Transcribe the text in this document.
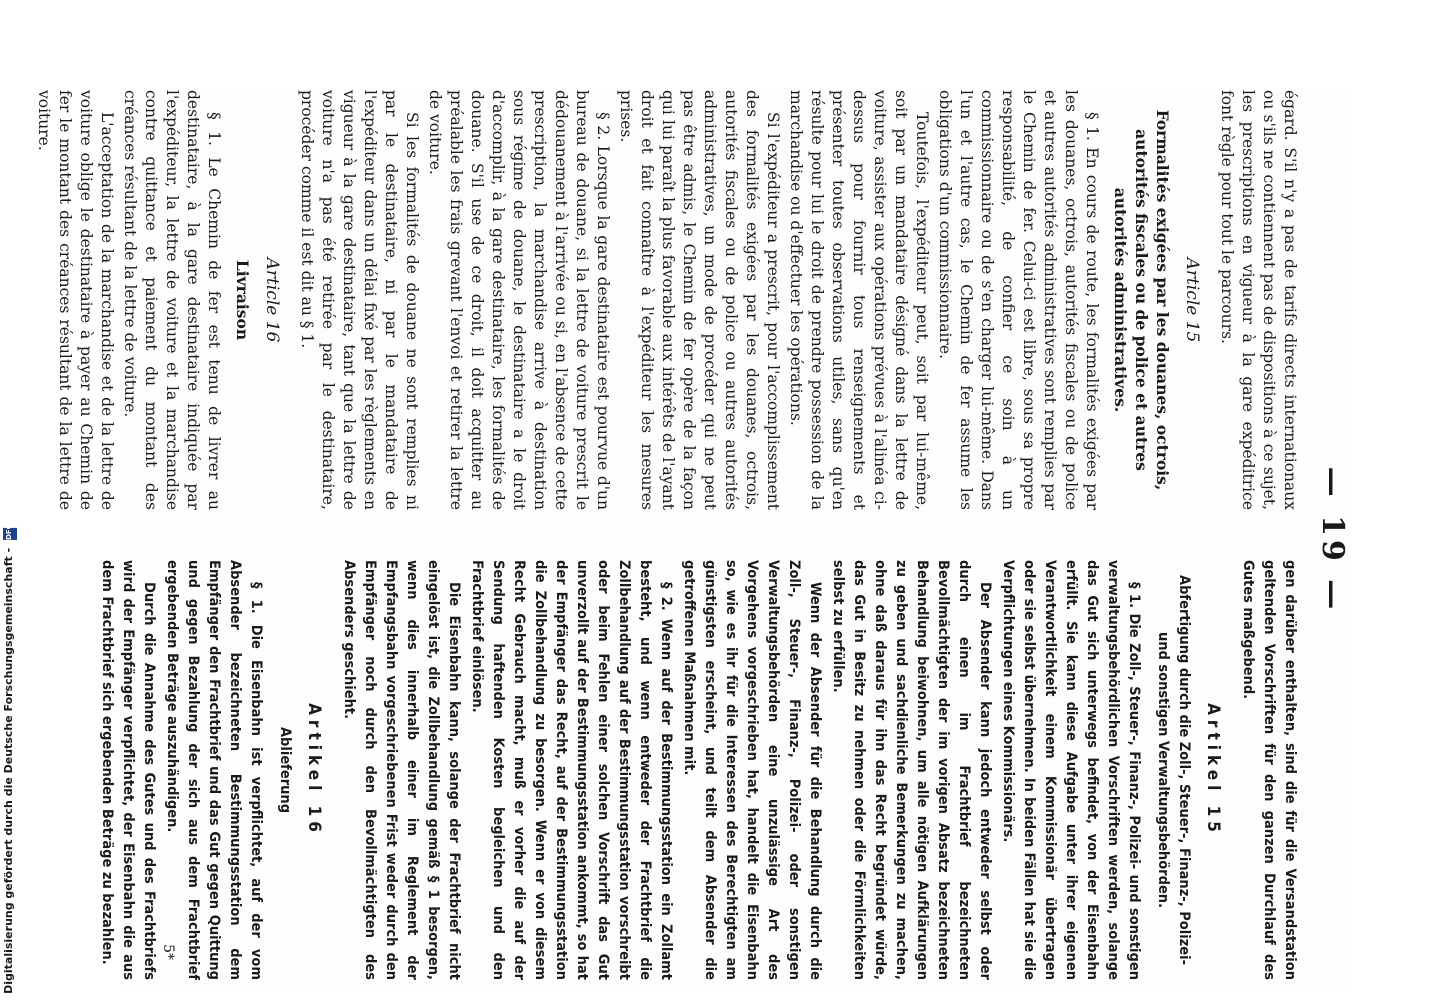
— 19 —

égard. S'il n'y a pas de tarifs directs internationaux ou s'ils ne contiennent pas de dispositions à ce sujet, les prescriptions en vigueur à la gare expéditrice font règle pour tout le parcours.

Article 15
Formalités exigées par les douanes, octrois, autorités fiscales ou de police et autres autorités administratives.

§ 1. En cours de route, les formalités exigées par les douanes, octrois, autorités fiscales ou de police et autres autorités administratives sont remplies par le Chemin de fer. Celui-ci est libre, sous sa propre responsabilité, de confier ce soin à un commissionnaire ou de s'en charger lui-même. Dans l'un et l'autre cas, le Chemin de fer assume les obligations d'un commissionnaire.

Toutefois, l'expéditeur peut, soit par lui-même, soit par un mandataire désigné dans la lettre de voiture, assister aux opérations prévues à l'alinéa ci-dessus pour fournir tous renseignements et présenter toutes observations utiles, sans qu'en résulte pour lui le droit de prendre possession de la marchandise ou d'effectuer les opérations.

Si l'expéditeur a prescrit, pour l'accomplissement des formalités exigées par les douanes, octrois, autorités fiscales ou de police ou autres autorités administratives, un mode de procéder qui ne peut pas être admis, le Chemin de fer opère de la façon qui lui paraît la plus favorable aux intérêts de l'ayant droit et fait connaître à l'expéditeur les mesures prises.

§ 2. Lorsque la gare destinataire est pourvue d'un bureau de douane, si la lettre de voiture prescrit le dédouanement à l'arrivée ou si, en l'absence de cette prescription, la marchandise arrive à destination sous régime de douane, le destinataire a le droit d'accomplir, à la gare destinataire, les formalités de douane. S'il use de ce droit, il doit acquitter au préalable les frais grevant l'envoi et retirer la lettre de voiture.

Si les formalités de douane ne sont remplies ni par le destinataire, ni par le mandataire de l'expéditeur dans un délai fixé par les règlements en vigueur à la gare destinataire, tant que la lettre de voiture n'a pas été retirée par le destinataire, procéder comme il est dit au § 1.

Article 16
Livraison

§ 1. Le Chemin de fer est tenu de livrer au destinataire, à la gare destinataire indiquée par l'expéditeur, la lettre de voiture et la marchandise contre quittance et paiement du montant des créances résultant de la lettre de voiture.

L'acceptation de la marchandise et de la lettre de voiture oblige le destinataire à payer au Chemin de fer le montant des créances résultant de la lettre de voiture.

gen darüber enthalten, sind die für die Versandstation geltenden Vorschriften für den ganzen Durchlauf des Gutes maßgebend.

Artikel 15
Abfertigung durch die Zoll-, Steuer-, Finanz-, Polizei- und sonstigen Verwaltungsbehörden.

§ 1. Die Zoll-, Steuer-, Finanz-, Polizei- und sonstigen verwaltungsbehördlichen Vorschriften werden, solange das Gut sich unterwegs befindet, von der Eisenbahn erfüllt. Sie kann diese Aufgabe unter ihrer eigenen Verantwortlichkeit einem Kommissionär übertragen oder sie selbst übernehmen. In beiden Fällen hat sie die Verpflichtungen eines Kommissionärs.

Der Absender kann jedoch entweder selbst oder durch einen im Frachtbrief bezeichneten Bevollmächtigten der im vorigen Absatz bezeichneten Behandlung beiwohnen, um alle nötigen Aufklärungen zu geben und sachdienliche Bemerkungen zu machen, ohne daß daraus für ihn das Recht begründet würde, das Gut in Besitz zu nehmen oder die Förmlichkeiten selbst zu erfüllen.

Wenn der Absender für die Behandlung durch die Zoll-, Steuer-, Finanz-, Polizei- oder sonstigen Verwaltungsbehörden eine unzulässige Art des Vorgehens vorgeschrieben hat, handelt die Eisenbahn so, wie es ihr für die Interessen des Berechtigten am günstigsten erscheint, und teilt dem Absender die getroffenen Maßnahmen mit.

§ 2. Wenn auf der Bestimmungsstation ein Zollamt besteht, und wenn entweder der Frachtbrief die Zollbehandlung auf der Bestimmungsstation vorschreibt oder beim Fehlen einer solchen Vorschrift das Gut unverzollt auf der Bestimmungsstation ankommt, so hat der Empfänger das Recht, auf der Bestimmungsstation die Zollbehandlung zu besorgen. Wenn er von diesem Recht Gebrauch macht, muß er vorher die auf der Sendung haftenden Kosten begleichen und den Frachtbrief einlösen.

Die Eisenbahn kann, solange der Frachtbrief nicht eingelöst ist, die Zollbehandlung gemäß § 1 besorgen, wenn dies innerhalb einer im Reglement der Empfangsbahn vorgeschriebenen Frist weder durch den Empfänger noch durch den Bevollmächtigten des Absenders geschieht.

Artikel 16
Ablieferung

§ 1. Die Eisenbahn ist verpflichtet, auf der vom Absender bezeichneten Bestimmungsstation dem Empfänger den Frachtbrief und das Gut gegen Quittung und gegen Bezahlung der sich aus dem Frachtbrief ergebenden Beträge auszuhändigen.

Durch die Annahme des Gutes und des Frachtbriefs wird der Empfänger verpflichtet, der Eisenbahn die aus dem Frachtbrief sich ergebenden Beträge zu bezahlen.	5*
Digitalisierung gefördert durch die Deutsche Forschungsgemeinschaft - DFG
